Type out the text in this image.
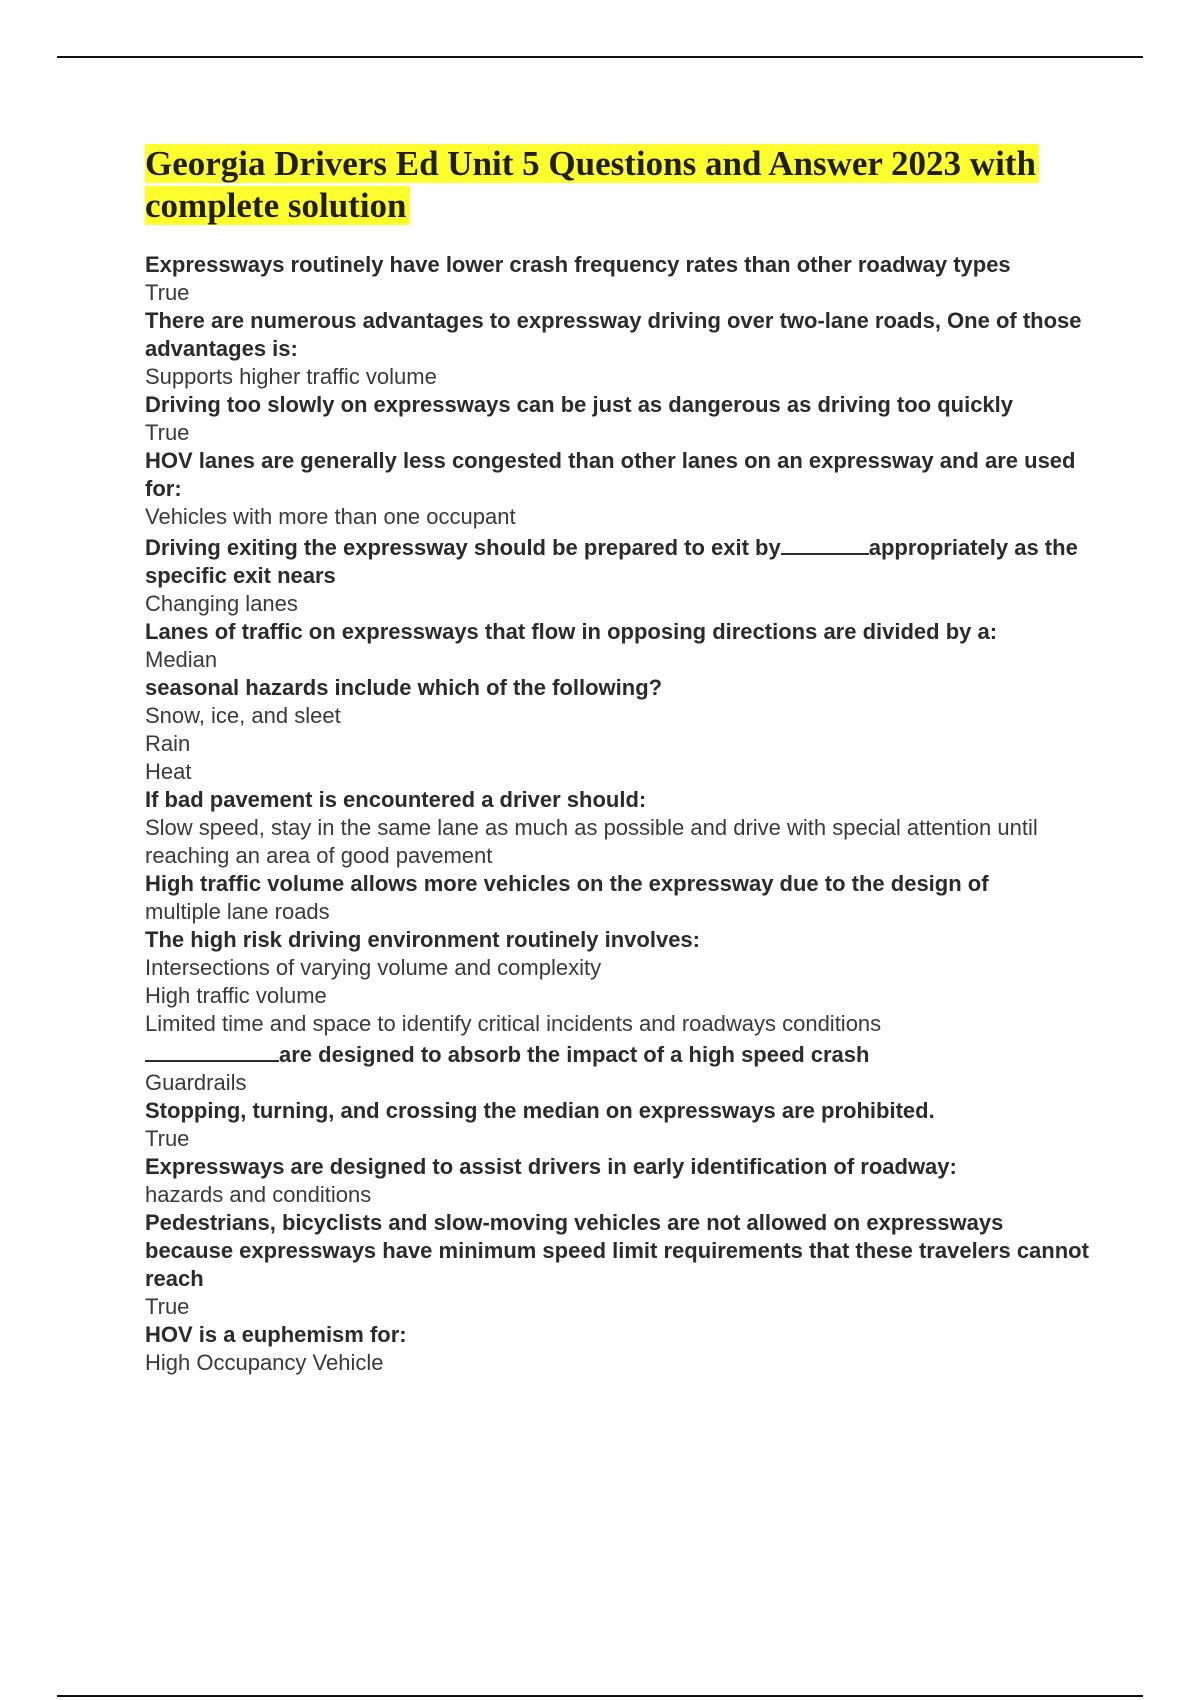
Georgia Drivers Ed Unit 5 Questions and Answer 2023 with complete solution

Expressways routinely have lower crash frequency rates than other roadway types

True

There are numerous advantages to expressway driving over two-lane roads, One of those advantages is:

Supports higher traffic volume

Driving too slowly on expressways can be just as dangerous as driving too quickly

True

HOV lanes are generally less congested than other lanes on an expressway and are used for:

Vehicles with more than one occupant

Driving exiting the expressway should be prepared to exit by	appropriately as the specific exit nears

Changing lanes

Lanes of traffic on expressways that flow in opposing directions are divided by a:

Median

seasonal hazards include which of the following?

Snow, ice, and sleet

Rain

Heat

If bad pavement is encountered a driver should:

Slow speed, stay in the same lane as much as possible and drive with special attention until reaching an area of good pavement

High traffic volume allows more vehicles on the expressway due to the design of

multiple lane roads

The high risk driving environment routinely involves:

Intersections of varying volume and complexity

High traffic volume

Limited time and space to identify critical incidents and roadways conditions

are designed to absorb the impact of a high speed crash

Guardrails

Stopping, turning, and crossing the median on expressways are prohibited.

True

Expressways are designed to assist drivers in early identification of roadway:

hazards and conditions

Pedestrians, bicyclists and slow-moving vehicles are not allowed on expressways because expressways have minimum speed limit requirements that these travelers cannot reach

True

HOV is a euphemism for:

High Occupancy Vehicle
